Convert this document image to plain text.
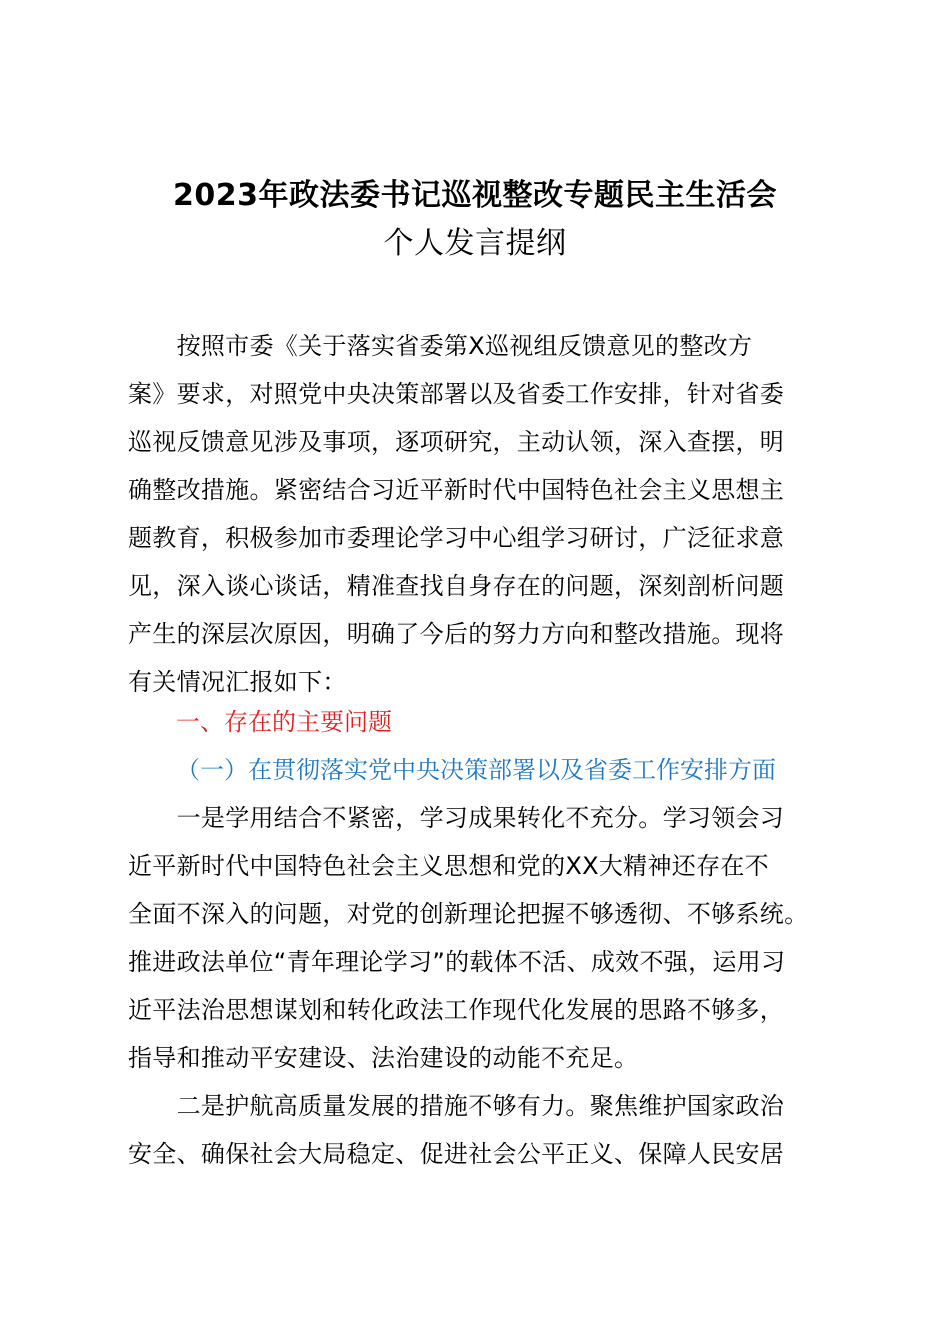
2023年政法委书记巡视整改专题民主生活会
个人发言提纲
　　按照市委《关于落实省委第X巡视组反馈意见的整改方
案》要求，对照党中央决策部署以及省委工作安排，针对省委
巡视反馈意见涉及事项，逐项研究，主动认领，深入查摆，明
确整改措施。紧密结合习近平新时代中国特色社会主义思想主
题教育，积极参加市委理论学习中心组学习研讨，广泛征求意
见，深入谈心谈话，精准查找自身存在的问题，深刻剖析问题
产生的深层次原因，明确了今后的努力方向和整改措施。现将
有关情况汇报如下：

一、存在的主要问题

（一）在贯彻落实党中央决策部署以及省委工作安排方面

　　一是学用结合不紧密，学习成果转化不充分。学习领会习
近平新时代中国特色社会主义思想和党的XX大精神还存在不
全面不深入的问题，对党的创新理论把握不够透彻、不够系统。
推进政法单位“青年理论学习”的载体不活、成效不强，运用习
近平法治思想谋划和转化政法工作现代化发展的思路不够多，
指导和推动平安建设、法治建设的动能不充足。
　　二是护航高质量发展的措施不够有力。聚焦维护国家政治
安全、确保社会大局稳定、促进社会公平正义、保障人民安居
